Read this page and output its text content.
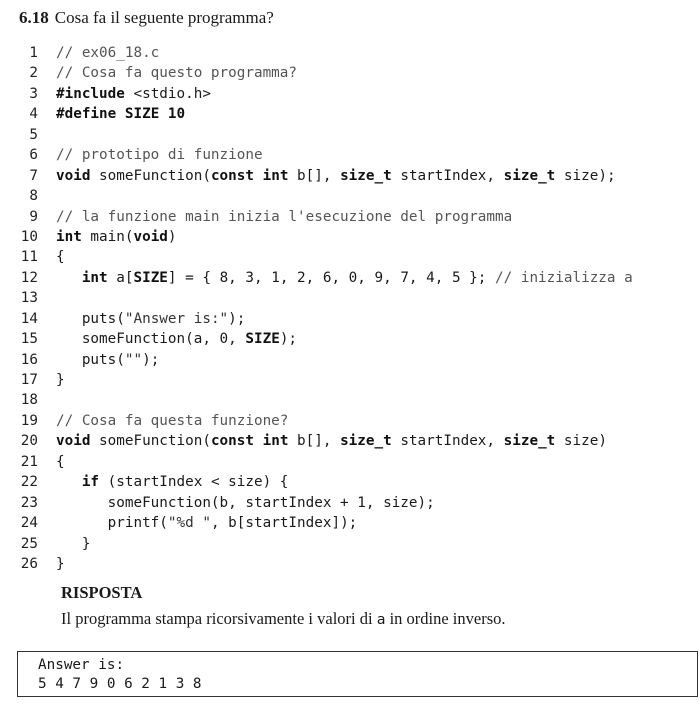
6.18 Cosa fa il seguente programma?
1 // ex06_18.c
2 // Cosa fa questo programma?
3 #include <stdio.h>
4 #define SIZE 10
5
6 // prototipo di funzione
7 void someFunction(const int b[], size_t startIndex, size_t size);
8
9 // la funzione main inizia l'esecuzione del programma
10 int main(void)
11 {
12	int a[SIZE] = { 8, 3, 1, 2, 6, 0, 9, 7, 4, 5 }; // inizializza a
13
14 puts("Answer is:");
15 someFunction(a, 0, SIZE);
16 puts("");
17 }
18
19 // Cosa fa questa funzione?
20 void someFunction(const int b[], size_t startIndex, size_t size)
21 {
22	if (startIndex < size) {
23 someFunction(b, startIndex + 1, size);
24 printf("%d ", b[startIndex]);
25 }
26 }
RISPOSTA
Il programma stampa ricorsivamente i valori di a in ordine inverso.
Answer is:
5 4 7 9 0 6 2 1 3 8
